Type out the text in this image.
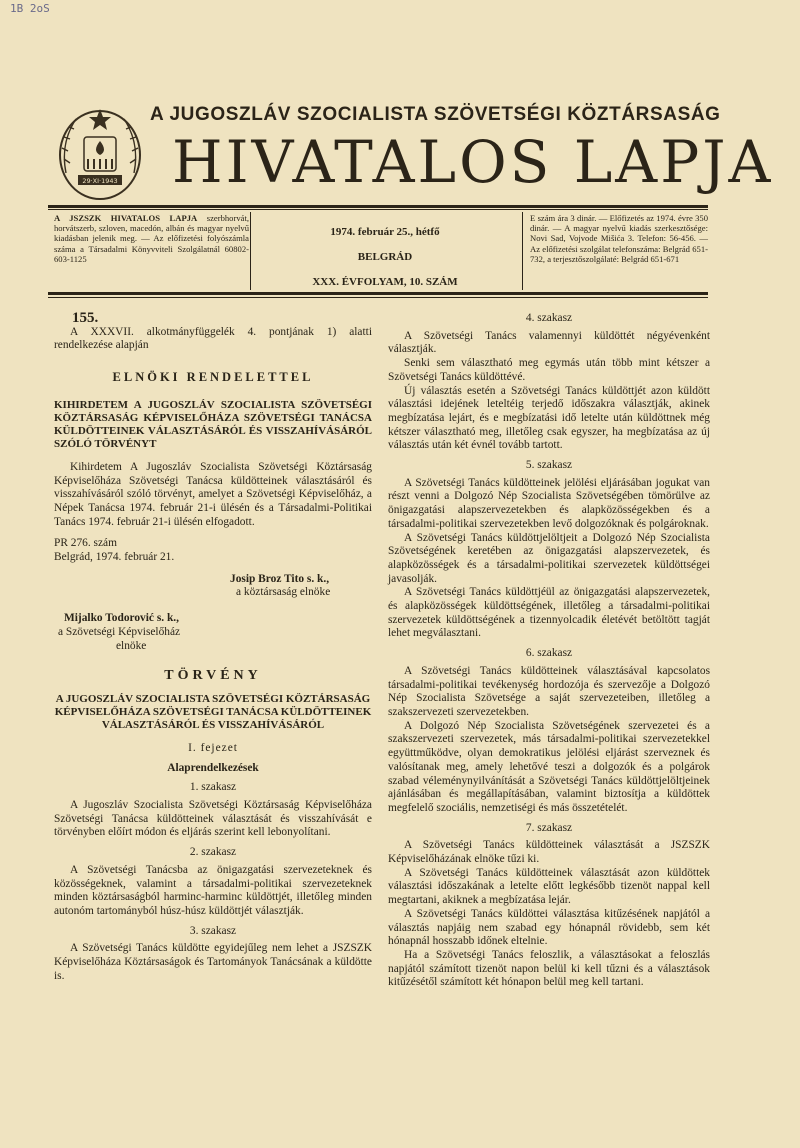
1B 2oS
29·XI·1943
A JUGOSZLÁV SZOCIALISTA SZÖVETSÉGI KÖZTÁRSASÁG
HIVATALOS LAPJA
A JSZSZK HIVATALOS LAPJA szerbhorvát, horvátszerb, szloven, macedón, albán és magyar nyelvű kiadásban jelenik meg. — Az előfizetési folyószámla száma a Társadalmi Könyvviteli Szolgálatnál 60802-603-1125
1974. február 25., hétfő
BELGRÁD
XXX. ÉVFOLYAM, 10. SZÁM
E szám ára 3 dinár. — Előfizetés az 1974. évre 350 dinár. — A magyar nyelvű kiadás szerkesztősége: Novi Sad, Vojvode Mišića 3. Telefon: 56-456. — Az előfizetési szolgálat telefonszáma: Belgrád 651-732, a terjesztőszolgálaté: Belgrád 651-671
155.

A XXXVII. alkotmányfüggelék 4. pontjának 1) alatti rendelkezése alapján

ELNÖKI RENDELETTEL

KIHIRDETEM A JUGOSZLÁV SZOCIALISTA SZÖVETSÉGI KÖZTÁRSASÁG KÉPVISELŐHÁZA SZÖVETSÉGI TANÁCSA KÜLDÖTTEINEK VÁLASZTÁSÁRÓL ÉS VISSZAHÍVÁSÁRÓL SZÓLÓ TÖRVÉNYT

Kihirdetem A Jugoszláv Szocialista Szövetségi Köztársaság Képviselőháza Szövetségi Tanácsa küldötteinek választásáról és visszahívásáról szóló törvényt, amelyet a Szövetségi Képviselőház, a Népek Tanácsa 1974. február 21-i ülésén és a Társadalmi-Politikai Tanács 1974. február 21-i ülésén elfogadott.

PR 276. szám

Belgrád, 1974. február 21.

Josip Broz Tito s. k.,

a köztársaság elnöke

Mijalko Todorović s. k.,

a Szövetségi Képviselőház

elnöke

TÖRVÉNY

A JUGOSZLÁV SZOCIALISTA SZÖVETSÉGI KÖZTÁRSASÁG KÉPVISELŐHÁZA SZÖVETSÉGI TANÁCSA KÜLDÖTTEINEK VÁLASZTÁSÁRÓL ÉS VISSZAHÍVÁSÁRÓL

I. fejezet

Alaprendelkezések

1. szakasz

A Jugoszláv Szocialista Szövetségi Köztársaság Képviselőháza Szövetségi Tanácsa küldötteinek választását és visszahívását e törvényben előírt módon és eljárás szerint kell lebonyolítani.

2. szakasz

A Szövetségi Tanácsba az önigazgatási szervezeteknek és közösségeknek, valamint a társadalmi-politikai szervezeteknek minden köztársaságból harminc-harminc küldöttjét, illetőleg minden autonóm tartományból húsz-húsz küldöttjét választják.

3. szakasz

A Szövetségi Tanács küldötte egyidejűleg nem lehet a JSZSZK Képviselőháza Köztársaságok és Tartományok Tanácsának a küldötte is.

4. szakasz

A Szövetségi Tanács valamennyi küldöttét négyévenként választják.

Senki sem választható meg egymás után több mint kétszer a Szövetségi Tanács küldöttévé.

Új választás esetén a Szövetségi Tanács küldöttjét azon küldött választási idejének leteltéig terjedő időszakra választják, akinek megbízatása lejárt, és e megbízatási idő letelte után küldöttnek még kétszer választható meg, illetőleg csak egyszer, ha megbízatása az új választás után két évnél tovább tartott.

5. szakasz

A Szövetségi Tanács küldötteinek jelölési eljárásában jogukat van részt venni a Dolgozó Nép Szocialista Szövetségében tömörülve az önigazgatási alapszervezetekben és alapközösségekben és a társadalmi-politikai szervezetekben levő dolgozóknak és polgároknak.

A Szövetségi Tanács küldöttjelöltjeit a Dolgozó Nép Szocialista Szövetségének keretében az önigazgatási alapszervezetek, és alapközösségek és a társadalmi-politikai szervezetek küldöttségei javasolják.

A Szövetségi Tanács küldöttjéül az önigazgatási alapszervezetek, és alapközösségek küldöttségének, illetőleg a társadalmi-politikai szervezetek küldöttségének a tizennyolcadik életévét betöltött tagját lehet megválasztani.

6. szakasz

A Szövetségi Tanács küldötteinek választásával kapcsolatos társadalmi-politikai tevékenység hordozója és szervezője a Dolgozó Nép Szocialista Szövetsége a saját szervezeteiben, illetőleg a szakszervezeti szervezetekben.

A Dolgozó Nép Szocialista Szövetségének szervezetei és a szakszervezeti szervezetek, más társadalmi-politikai szervezetekkel együttműködve, olyan demokratikus jelölési eljárást szerveznek és valósítanak meg, amely lehetővé teszi a dolgozók és a polgárok szabad véleménynyilvánítását a Szövetségi Tanács küldöttjelöltjeinek ajánlásában és megállapításában, valamint biztosítja a küldöttek megfelelő szociális, nemzetiségi és más összetételét.

7. szakasz

A Szövetségi Tanács küldötteinek választását a JSZSZK Képviselőházának elnöke tűzi ki.

A Szövetségi Tanács küldötteinek választását azon küldöttek választási időszakának a letelte előtt legkésőbb tizenöt nappal kell megtartani, akiknek a megbízatása lejár.

A Szövetségi Tanács küldöttei választása kitűzésének napjától a választás napjáig nem szabad egy hónapnál rövidebb, sem két hónapnál hosszabb időnek eltelnie.

Ha a Szövetségi Tanács feloszlik, a választásokat a feloszlás napjától számított tizenöt napon belül ki kell tűzni és a választások kitűzésétől számított két hónapon belül meg kell tartani.
